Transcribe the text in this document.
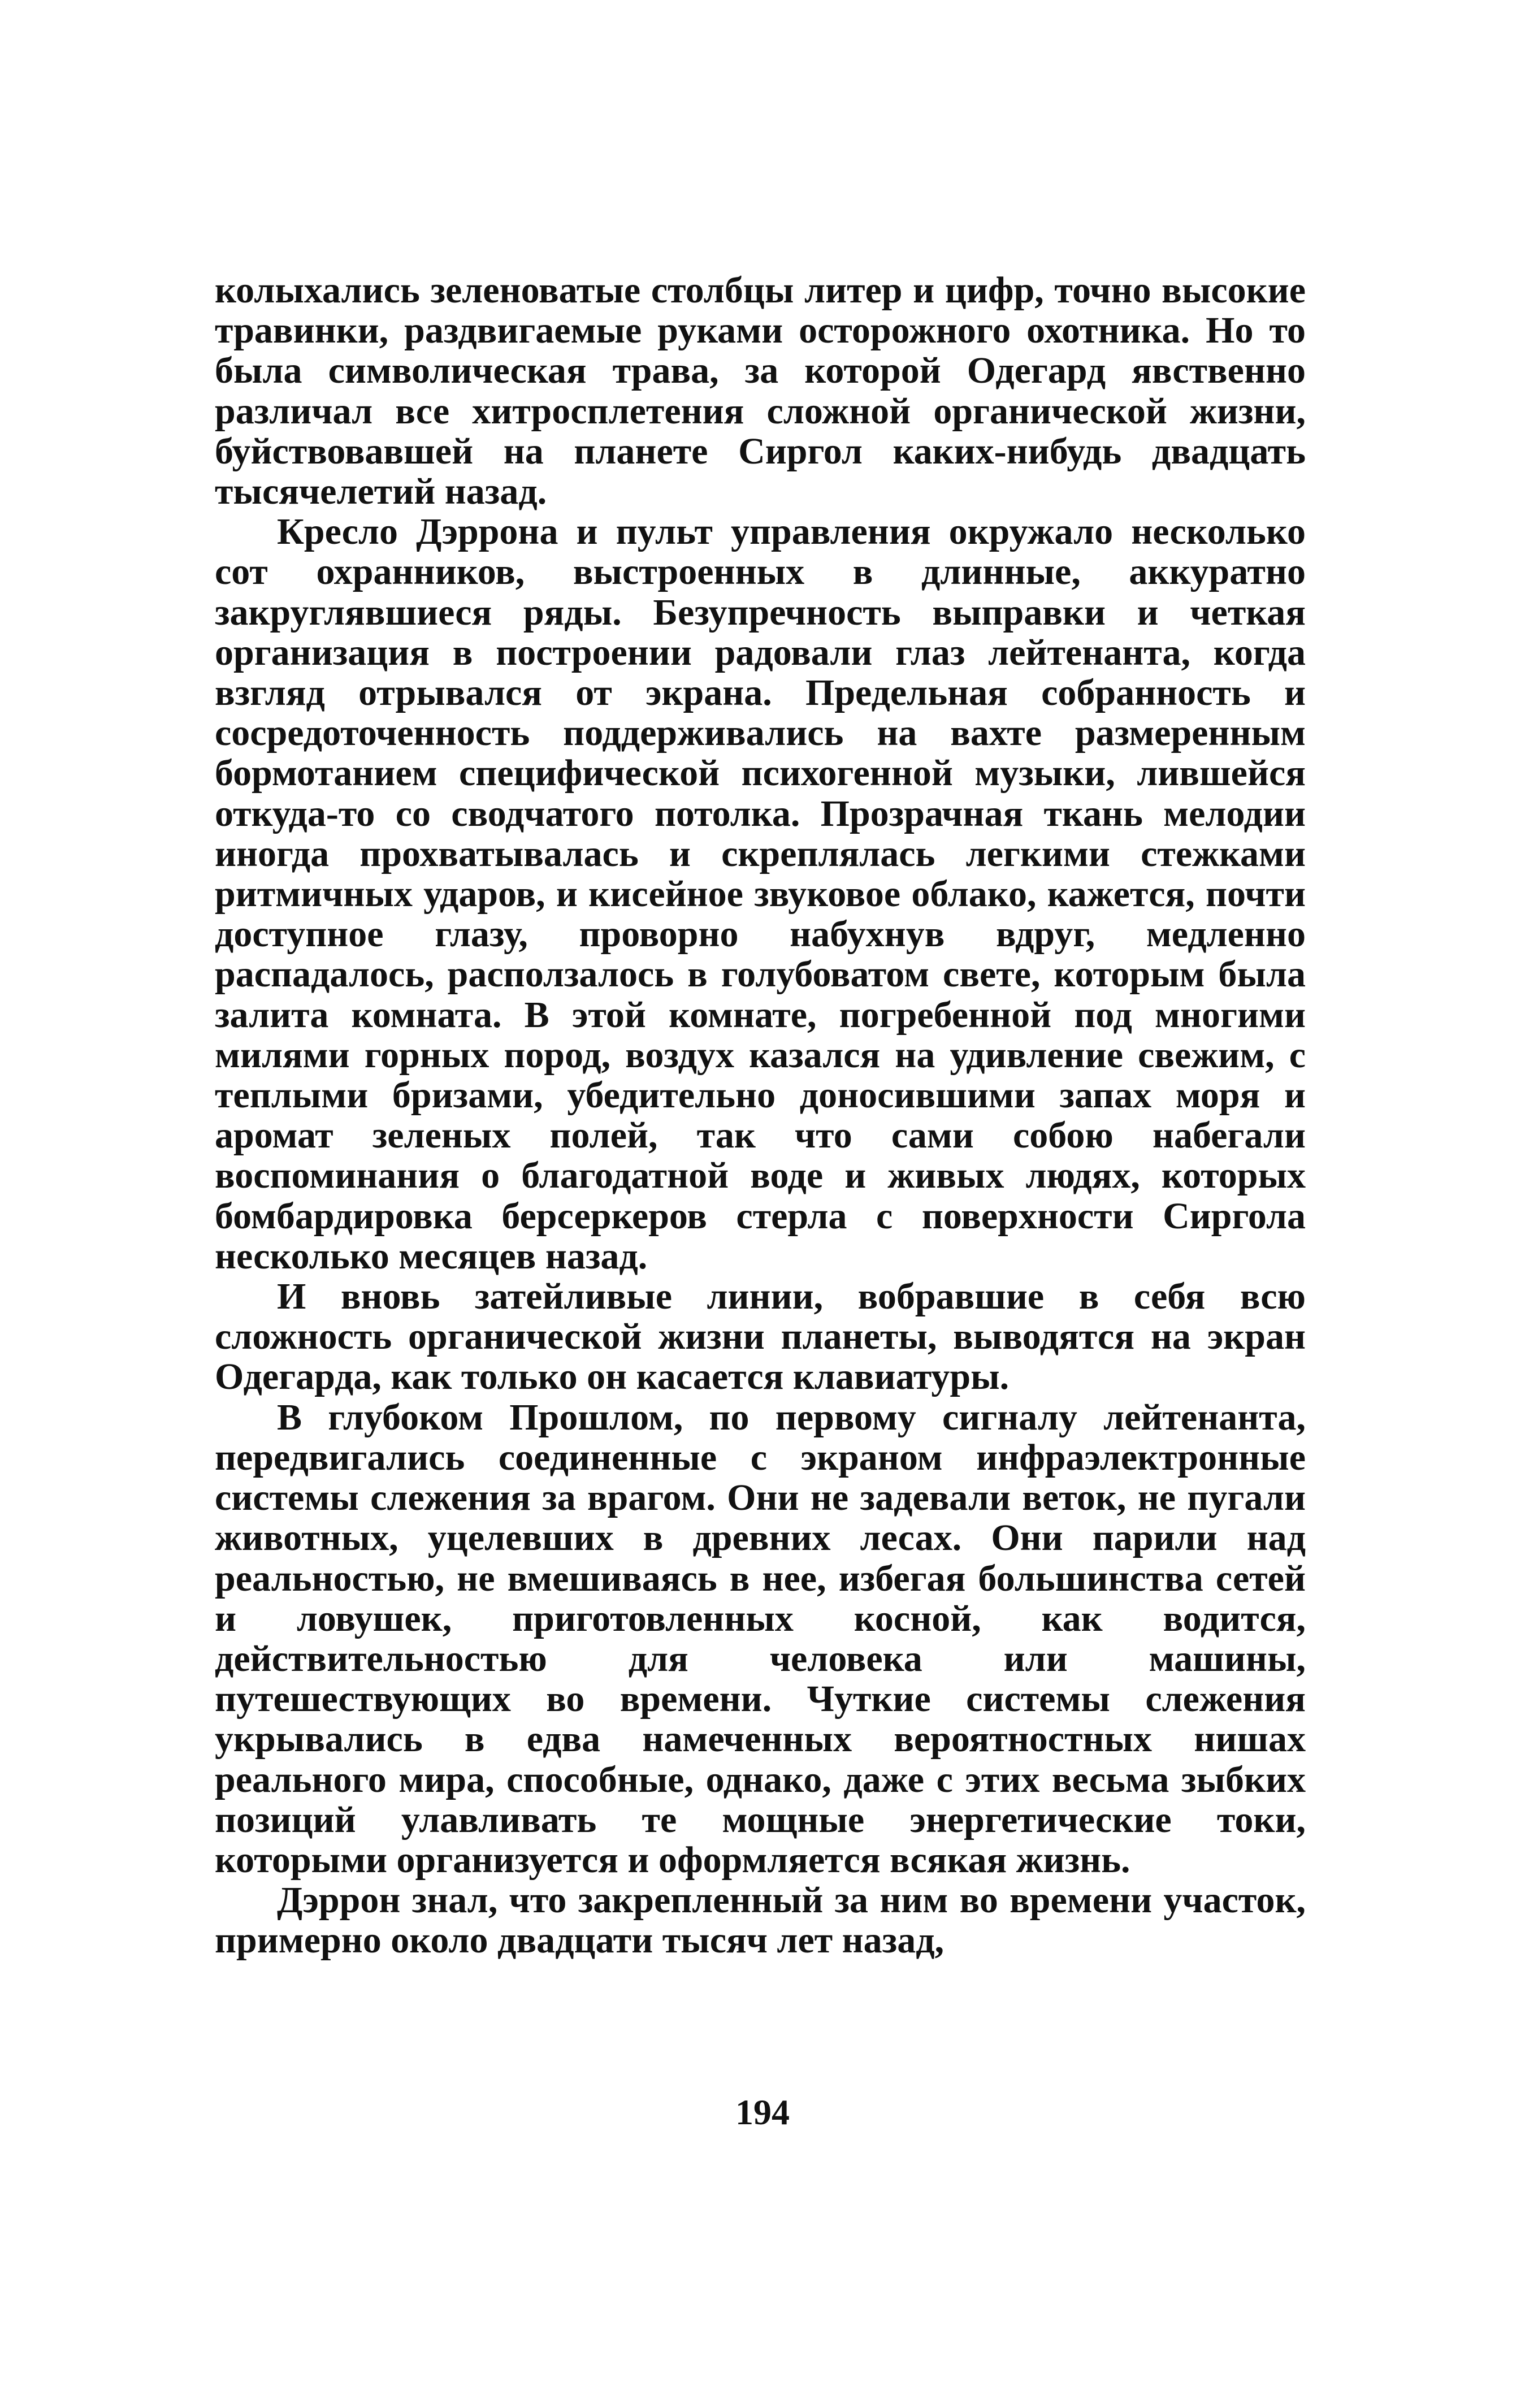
колыхались зеленоватые столбцы литер и цифр, точно высокие травинки, раздвигаемые руками осторожного охотника. Но то была символическая трава, за которой Одегард явственно различал все хитросплетения сложной органической жизни, буйствовавшей на планете Сиргол каких-нибудь двадцать тысячелетий назад.

Кресло Дэррона и пульт управления окружало несколько сот охранников, выстроенных в длинные, аккуратно закруглявшиеся ряды. Безупречность выправки и четкая организация в построении радовали глаз лейтенанта, когда взгляд отрывался от экрана. Предельная собранность и сосредоточенность поддерживались на вахте размеренным бормотанием специфической психогенной музыки, лившейся откуда-то со сводчатого потолка. Прозрачная ткань мелодии иногда прохватывалась и скреплялась легкими стежками ритмичных ударов, и кисейное звуковое облако, кажется, почти доступное глазу, проворно набухнув вдруг, медленно распадалось, расползалось в голубоватом свете, которым была залита комната. В этой комнате, погребенной под многими милями горных пород, воздух казался на удивление свежим, с теплыми бризами, убедительно доносившими запах моря и аромат зеленых полей, так что сами собою набегали воспоминания о благодатной воде и живых людях, которых бомбардировка берсеркеров стерла с поверхности Сиргола несколько месяцев назад.

И вновь затейливые линии, вобравшие в себя всю сложность органической жизни планеты, выводятся на экран Одегарда, как только он касается клавиатуры.

В глубоком Прошлом, по первому сигналу лейтенанта, передвигались соединенные с экраном инфраэлектронные системы слежения за врагом. Они не задевали веток, не пугали животных, уцелевших в древних лесах. Они парили над реальностью, не вмешиваясь в нее, избегая большинства сетей и ловушек, приготовленных косной, как водится, действительностью для человека или машины, путешествующих во времени. Чуткие системы слежения укрывались в едва намеченных вероятностных нишах реального мира, способные, однако, даже с этих весьма зыбких позиций улавливать те мощные энергетические токи, которыми организуется и оформляется всякая жизнь.

Дэррон знал, что закрепленный за ним во времени участок, примерно около двадцати тысяч лет назад,

194
